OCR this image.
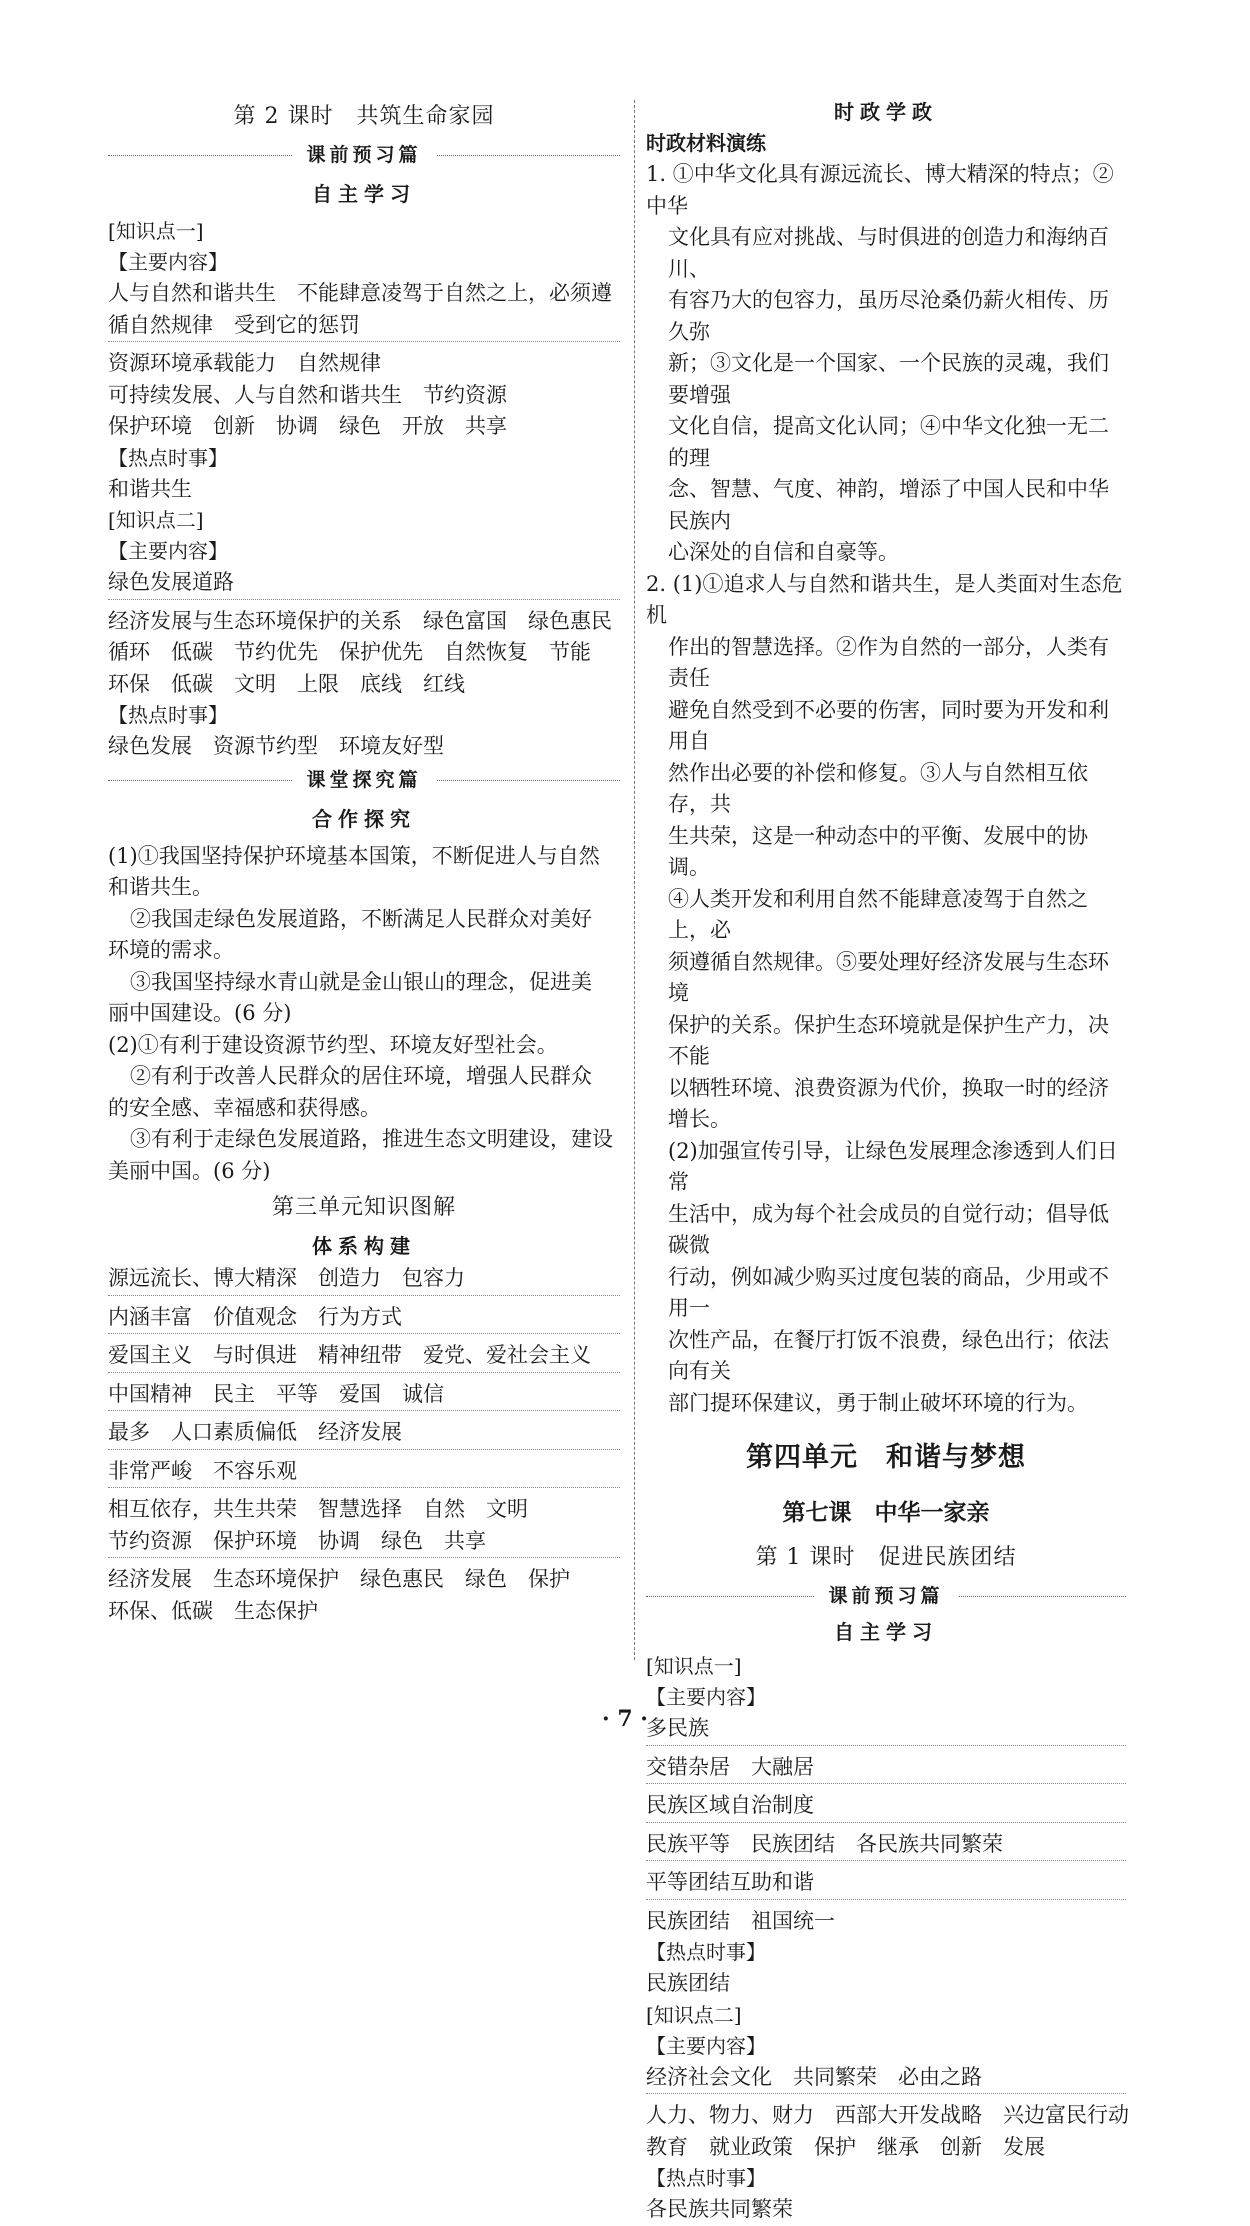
第 2 课时　共筑生命家园
课前预习篇
自主学习
[知识点一]
【主要内容】
人与自然和谐共生　不能肆意凌驾于自然之上，必须遵
循自然规律　受到它的惩罚
资源环境承载能力　自然规律
可持续发展、人与自然和谐共生　节约资源
保护环境　创新　协调　绿色　开放　共享
【热点时事】
和谐共生
[知识点二]
【主要内容】
绿色发展道路
经济发展与生态环境保护的关系　绿色富国　绿色惠民
循环　低碳　节约优先　保护优先　自然恢复　节能
环保　低碳　文明　上限　底线　红线
【热点时事】
绿色发展　资源节约型　环境友好型
课堂探究篇
合作探究
(1)①我国坚持保护环境基本国策，不断促进人与自然
和谐共生。
②我国走绿色发展道路，不断满足人民群众对美好
环境的需求。
③我国坚持绿水青山就是金山银山的理念，促进美
丽中国建设。(6 分)
(2)①有利于建设资源节约型、环境友好型社会。
②有利于改善人民群众的居住环境，增强人民群众
的安全感、幸福感和获得感。
③有利于走绿色发展道路，推进生态文明建设，建设
美丽中国。(6 分)
第三单元知识图解
体系构建
源远流长、博大精深　创造力　包容力
内涵丰富　价值观念　行为方式
爱国主义　与时俱进　精神纽带　爱党、爱社会主义
中国精神　民主　平等　爱国　诚信
最多　人口素质偏低　经济发展
非常严峻　不容乐观
相互依存，共生共荣　智慧选择　自然　文明
节约资源　保护环境　协调　绿色　共享
经济发展　生态环境保护　绿色惠民　绿色　保护
环保、低碳　生态保护
时政学政
时政材料演练
1. ①中华文化具有源远流长、博大精深的特点；②中华
文化具有应对挑战、与时俱进的创造力和海纳百川、
有容乃大的包容力，虽历尽沧桑仍薪火相传、历久弥
新；③文化是一个国家、一个民族的灵魂，我们要增强
文化自信，提高文化认同；④中华文化独一无二的理
念、智慧、气度、神韵，增添了中国人民和中华民族内
心深处的自信和自豪等。
2. (1)①追求人与自然和谐共生，是人类面对生态危机
作出的智慧选择。②作为自然的一部分，人类有责任
避免自然受到不必要的伤害，同时要为开发和利用自
然作出必要的补偿和修复。③人与自然相互依存，共
生共荣，这是一种动态中的平衡、发展中的协调。
④人类开发和利用自然不能肆意凌驾于自然之上，必
须遵循自然规律。⑤要处理好经济发展与生态环境
保护的关系。保护生态环境就是保护生产力，决不能
以牺牲环境、浪费资源为代价，换取一时的经济增长。
(2)加强宣传引导，让绿色发展理念渗透到人们日常
生活中，成为每个社会成员的自觉行动；倡导低碳微
行动，例如减少购买过度包装的商品，少用或不用一
次性产品，在餐厅打饭不浪费，绿色出行；依法向有关
部门提环保建议，勇于制止破坏环境的行为。
第四单元　和谐与梦想
第七课　中华一家亲
第 1 课时　促进民族团结
课前预习篇
自主学习
[知识点一]
【主要内容】
多民族
交错杂居　大融居
民族区域自治制度
民族平等　民族团结　各民族共同繁荣
平等团结互助和谐
民族团结　祖国统一
【热点时事】
民族团结
[知识点二]
【主要内容】
经济社会文化　共同繁荣　必由之路
人力、物力、财力　西部大开发战略　兴边富民行动
教育　就业政策　保护　继承　创新　发展
【热点时事】
各民族共同繁荣
· 7 ·
